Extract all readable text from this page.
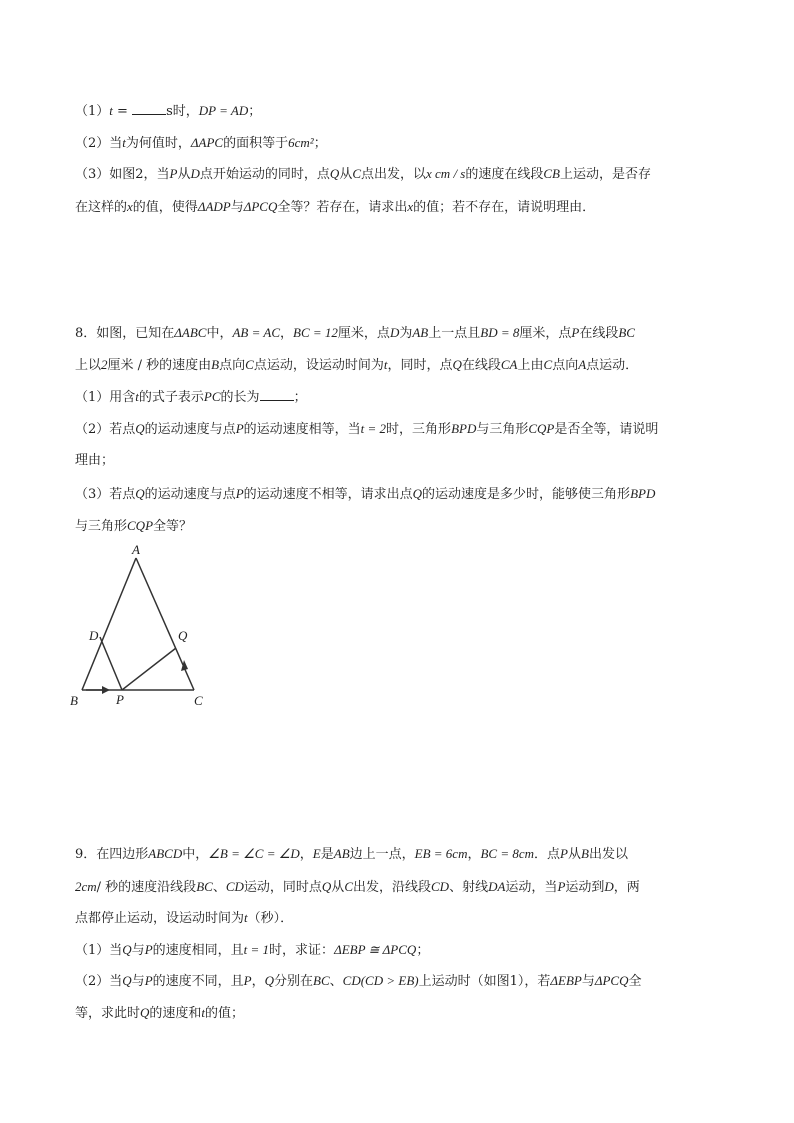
（1）t =	s时，DP = AD；
（2）当t为何值时，ΔAPC的面积等于6cm²；
（3）如图2，当P从D点开始运动的同时，点Q从C点出发，以x cm / s的速度在线段CB上运动，是否存
在这样的x的值，使得ΔADP与ΔPCQ全等？若存在，请求出x的值；若不存在，请说明理由．
8．如图，已知在ΔABC中，AB = AC，BC = 12厘米，点D为AB上一点且BD = 8厘米，点P在线段BC
上以2厘米 / 秒的速度由B点向C点运动，设运动时间为t，同时，点Q在线段CA上由C点向A点运动．
（1）用含t的式子表示PC的长为	；
（2）若点Q的运动速度与点P的运动速度相等，当t = 2时，三角形BPD与三角形CQP是否全等，请说明
理由；
（3）若点Q的运动速度与点P的运动速度不相等，请求出点Q的运动速度是多少时，能够使三角形BPD
与三角形CQP全等？
A
B	C
D
P
Q
9．在四边形ABCD中，∠B = ∠C = ∠D，E是AB边上一点，EB = 6cm，BC = 8cm．点P从B出发以
2cm/ 秒的速度沿线段BC、CD运动，同时点Q从C出发，沿线段CD、射线DA运动，当P运动到D，两
点都停止运动，设运动时间为t（秒）．
（1）当Q与P的速度相同，且t = 1时，求证：ΔEBP ≅ ΔPCQ；
（2）当Q与P的速度不同，且P，Q分别在BC、CD(CD > EB)上运动时（如图1），若ΔEBP与ΔPCQ全
等，求此时Q的速度和t的值；
